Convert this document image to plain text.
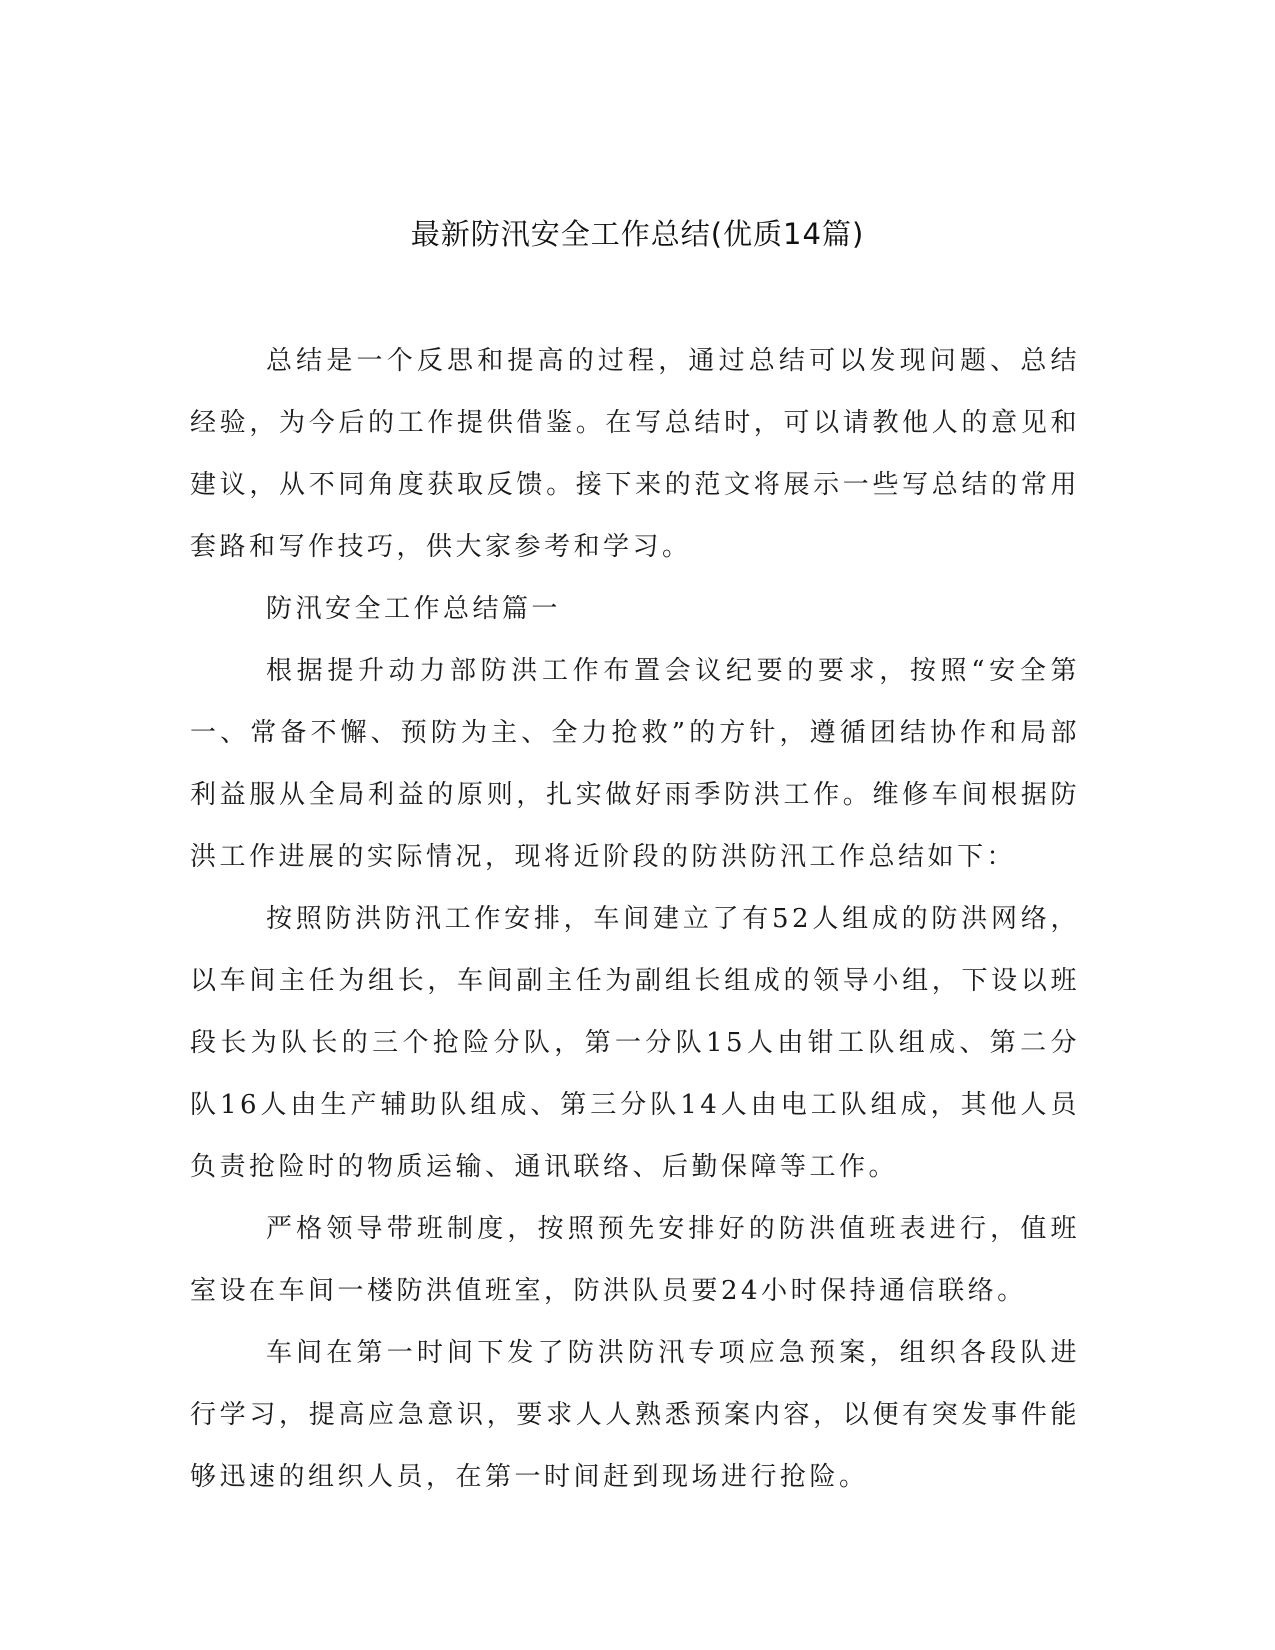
最新防汛安全工作总结(优质14篇)

总结是一个反思和提高的过程，通过总结可以发现问题、总结经验，为今后的工作提供借鉴。在写总结时，可以请教他人的意见和建议，从不同角度获取反馈。接下来的范文将展示一些写总结的常用套路和写作技巧，供大家参考和学习。

防汛安全工作总结篇一

根据提升动力部防洪工作布置会议纪要的要求，按照“安全第一、常备不懈、预防为主、全力抢救”的方针，遵循团结协作和局部利益服从全局利益的原则，扎实做好雨季防洪工作。维修车间根据防洪工作进展的实际情况，现将近阶段的防洪防汛工作总结如下：

按照防洪防汛工作安排，车间建立了有52人组成的防洪网络，以车间主任为组长，车间副主任为副组长组成的领导小组，下设以班段长为队长的三个抢险分队，第一分队15人由钳工队组成、第二分队16人由生产辅助队组成、第三分队14人由电工队组成，其他人员负责抢险时的物质运输、通讯联络、后勤保障等工作。

严格领导带班制度，按照预先安排好的防洪值班表进行，值班室设在车间一楼防洪值班室，防洪队员要24小时保持通信联络。

车间在第一时间下发了防洪防汛专项应急预案，组织各段队进行学习，提高应急意识，要求人人熟悉预案内容，以便有突发事件能够迅速的组织人员，在第一时间赶到现场进行抢险。
